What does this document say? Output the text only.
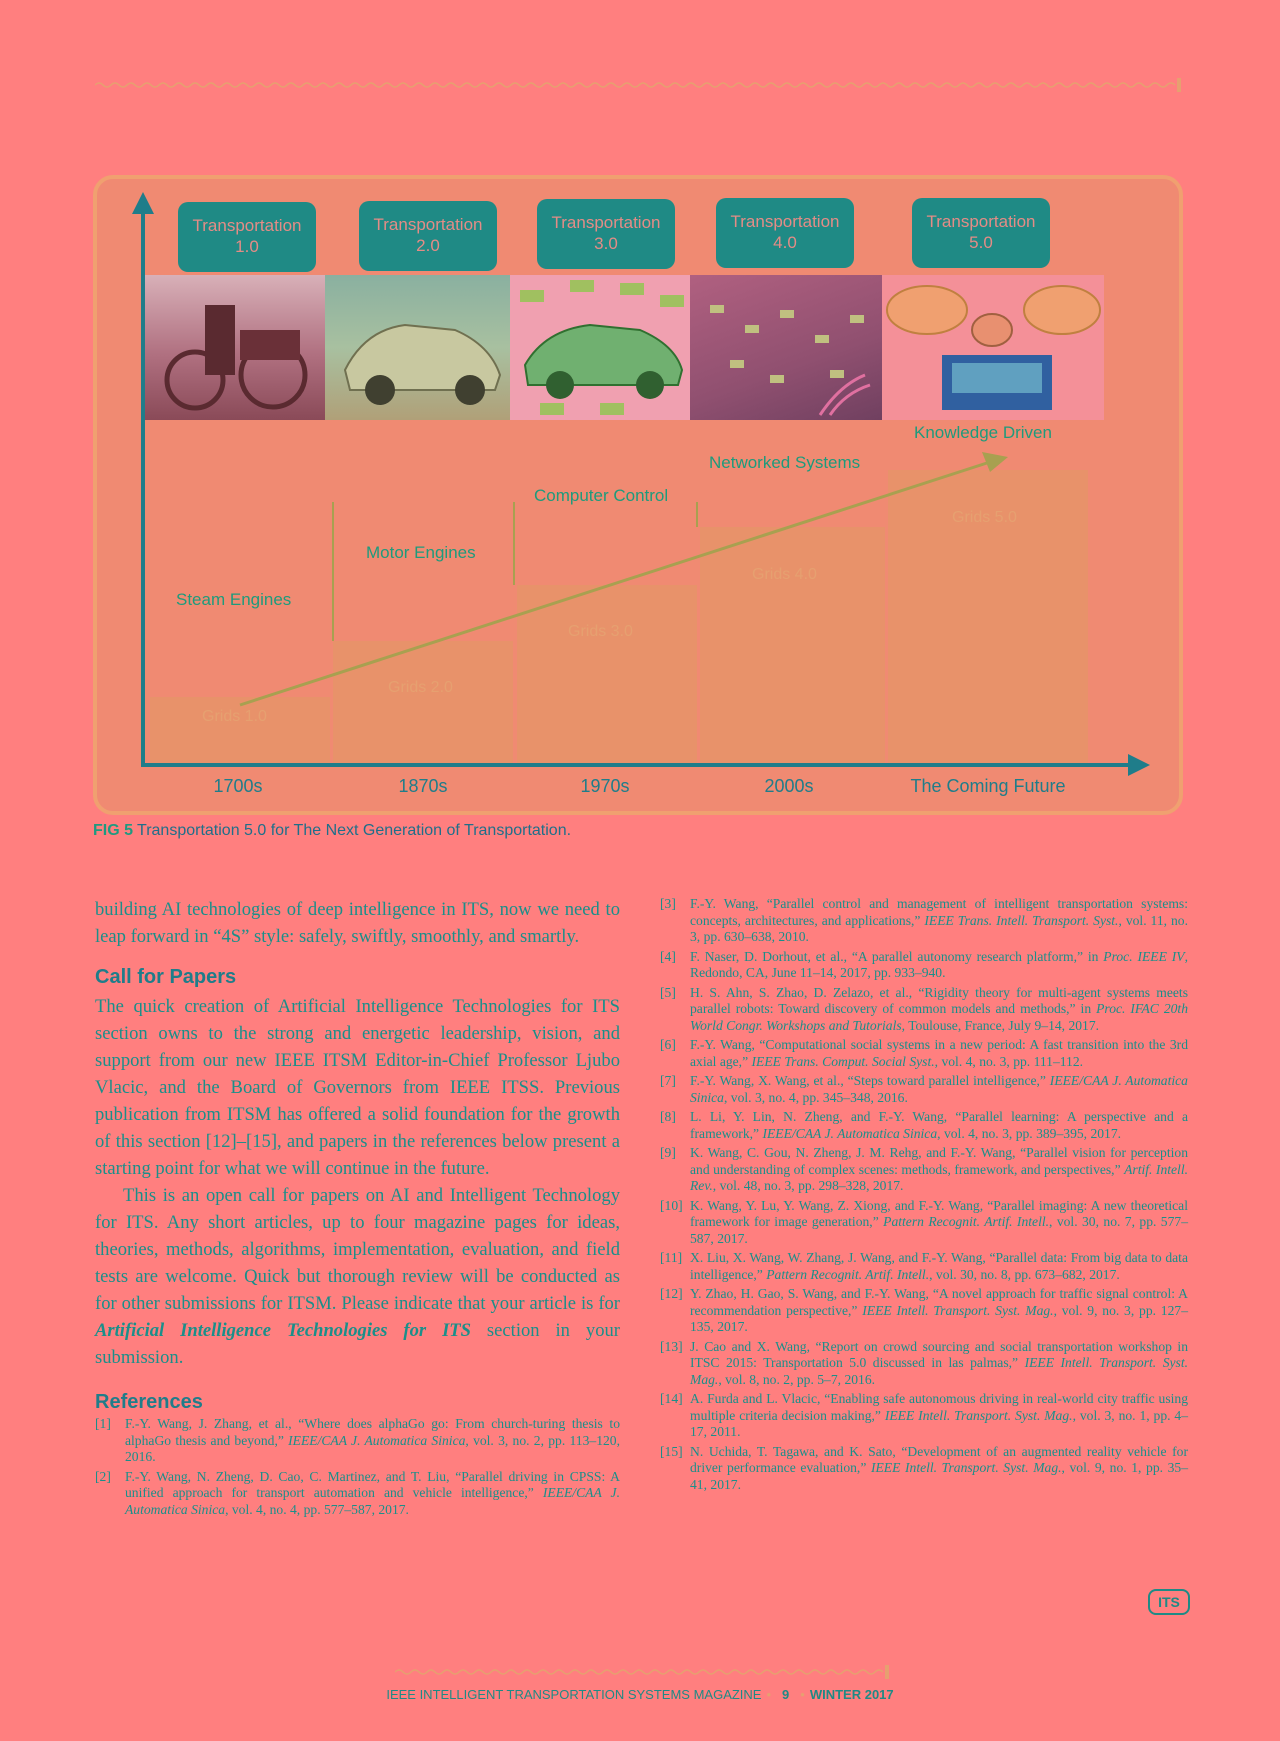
Transportation
1.0
Transportation
2.0
Transportation
3.0
Transportation
4.0
Transportation
5.0
Steam Engines
Motor Engines
Computer Control
Networked Systems
Knowledge Driven
Grids 1.0
Grids 2.0
Grids 3.0
Grids 4.0
Grids 5.0
1700s	1870s	1970s	2000s	The Coming Future
FIG 5 Transportation 5.0 for The Next Generation of Transportation.

building AI technologies of deep intelligence in ITS, now we need to leap forward in “4S” style: safely, swiftly, smoothly, and smartly.

Call for Papers

The quick creation of Artificial Intelligence Technologies for ITS section owns to the strong and energetic leadership, vision, and support from our new IEEE ITSM Editor-in-Chief Professor Ljubo Vlacic, and the Board of Governors from IEEE ITSS. Previous publication from ITSM has offered a solid foundation for the growth of this section [12]–[15], and papers in the references below present a starting point for what we will continue in the future.

This is an open call for papers on AI and Intelligent Technology for ITS. Any short articles, up to four magazine pages for ideas, theories, methods, algorithms, implementation, evaluation, and field tests are welcome. Quick but thorough review will be conducted as for other submissions for ITSM. Please indicate that your article is for Artificial Intelligence Technologies for ITS section in your submission.

References
[1]	F.-Y. Wang, J. Zhang, et al., “Where does alphaGo go: From church-turing thesis to alphaGo thesis and beyond,” IEEE/CAA J. Automatica Sinica, vol. 3, no. 2, pp. 113–120, 2016.
[2]	F.-Y. Wang, N. Zheng, D. Cao, C. Martinez, and T. Liu, “Parallel driving in CPSS: A unified approach for transport automation and vehicle intelligence,” IEEE/CAA J. Automatica Sinica, vol. 4, no. 4, pp. 577–587, 2017.
[3]	F.-Y. Wang, “Parallel control and management of intelligent transportation systems: concepts, architectures, and applications,” IEEE Trans. Intell. Transport. Syst., vol. 11, no. 3, pp. 630–638, 2010.
[4]	F. Naser, D. Dorhout, et al., “A parallel autonomy research platform,” in Proc. IEEE IV, Redondo, CA, June 11–14, 2017, pp. 933–940.
[5]	H. S. Ahn, S. Zhao, D. Zelazo, et al., “Rigidity theory for multi-agent systems meets parallel robots: Toward discovery of common models and methods,” in Proc. IFAC 20th World Congr. Workshops and Tutorials, Toulouse, France, July 9–14, 2017.
[6]	F.-Y. Wang, “Computational social systems in a new period: A fast transition into the 3rd axial age,” IEEE Trans. Comput. Social Syst., vol. 4, no. 3, pp. 111–112.
[7]	F.-Y. Wang, X. Wang, et al., “Steps toward parallel intelligence,” IEEE/CAA J. Automatica Sinica, vol. 3, no. 4, pp. 345–348, 2016.
[8]	L. Li, Y. Lin, N. Zheng, and F.-Y. Wang, “Parallel learning: A perspective and a framework,” IEEE/CAA J. Automatica Sinica, vol. 4, no. 3, pp. 389–395, 2017.
[9]	K. Wang, C. Gou, N. Zheng, J. M. Rehg, and F.-Y. Wang, “Parallel vision for perception and understanding of complex scenes: methods, framework, and perspectives,” Artif. Intell. Rev., vol. 48, no. 3, pp. 298–328, 2017.
[10] K. Wang, Y. Lu, Y. Wang, Z. Xiong, and F.-Y. Wang, “Parallel imaging: A new theoretical framework for image generation,” Pattern Recognit. Artif. Intell., vol. 30, no. 7, pp. 577–587, 2017.
[11] X. Liu, X. Wang, W. Zhang, J. Wang, and F.-Y. Wang, “Parallel data: From big data to data intelligence,” Pattern Recognit. Artif. Intell., vol. 30, no. 8, pp. 673–682, 2017.
[12] Y. Zhao, H. Gao, S. Wang, and F.-Y. Wang, “A novel approach for traffic signal control: A recommendation perspective,” IEEE Intell. Transport. Syst. Mag., vol. 9, no. 3, pp. 127–135, 2017.
[13] J. Cao and X. Wang, “Report on crowd sourcing and social transportation workshop in ITSC 2015: Transportation 5.0 discussed in las palmas,” IEEE Intell. Transport. Syst. Mag., vol. 8, no. 2, pp. 5–7, 2016.
[14] A. Furda and L. Vlacic, “Enabling safe autonomous driving in real-world city traffic using multiple criteria decision making,” IEEE Intell. Transport. Syst. Mag., vol. 3, no. 1, pp. 4–17, 2011.
[15] N. Uchida, T. Tagawa, and K. Sato, “Development of an augmented reality vehicle for driver performance evaluation,” IEEE Intell. Transport. Syst. Mag., vol. 9, no. 1, pp. 35–41, 2017.
ITS
IEEE INTELLIGENT TRANSPORTATION SYSTEMS MAGAZINE • 9 • WINTER 2017
